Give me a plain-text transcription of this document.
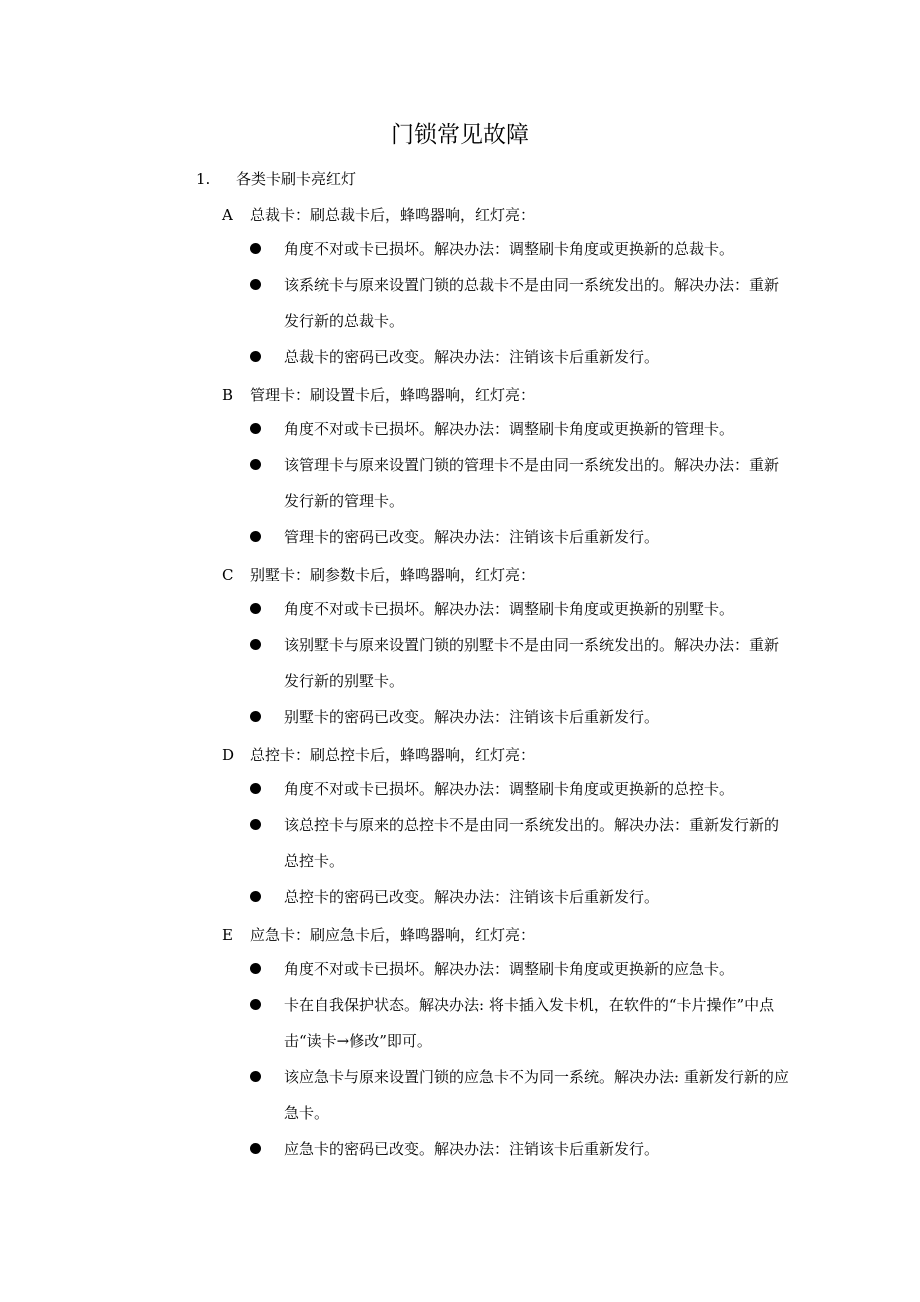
门锁常见故障
1. 各类卡刷卡亮红灯
A 总裁卡：刷总裁卡后，蜂鸣器响，红灯亮：
角度不对或卡已损坏。解决办法：调整刷卡角度或更换新的总裁卡。
该系统卡与原来设置门锁的总裁卡不是由同一系统发出的。解决办法：重新发行新的总裁卡。
总裁卡的密码已改变。解决办法：注销该卡后重新发行。
B 管理卡：刷设置卡后，蜂鸣器响，红灯亮：
角度不对或卡已损坏。解决办法：调整刷卡角度或更换新的管理卡。
该管理卡与原来设置门锁的管理卡不是由同一系统发出的。解决办法：重新发行新的管理卡。
管理卡的密码已改变。解决办法：注销该卡后重新发行。
C 别墅卡：刷参数卡后，蜂鸣器响，红灯亮：
角度不对或卡已损坏。解决办法：调整刷卡角度或更换新的别墅卡。
该别墅卡与原来设置门锁的别墅卡不是由同一系统发出的。解决办法：重新发行新的别墅卡。
别墅卡的密码已改变。解决办法：注销该卡后重新发行。
D 总控卡：刷总控卡后，蜂鸣器响，红灯亮：
角度不对或卡已损坏。解决办法：调整刷卡角度或更换新的总控卡。
该总控卡与原来的总控卡不是由同一系统发出的。解决办法：重新发行新的总控卡。
总控卡的密码已改变。解决办法：注销该卡后重新发行。
E 应急卡：刷应急卡后，蜂鸣器响，红灯亮：
角度不对或卡已损坏。解决办法：调整刷卡角度或更换新的应急卡。
卡在自我保护状态。解决办法: 将卡插入发卡机，在软件的“卡片操作”中点击“读卡→修改”即可。
该应急卡与原来设置门锁的应急卡不为同一系统。解决办法: 重新发行新的应急卡。
应急卡的密码已改变。解决办法：注销该卡后重新发行。
